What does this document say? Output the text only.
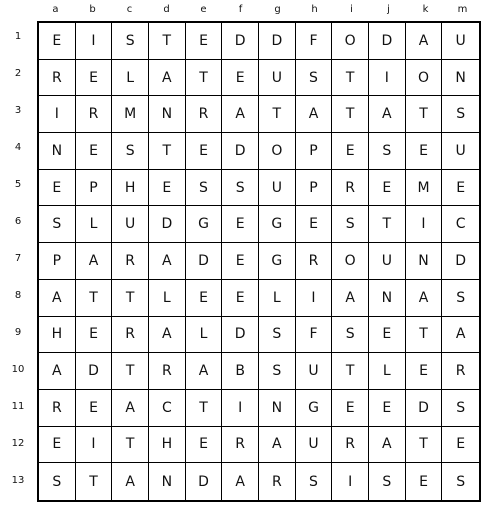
a	b	c	d	e	f	g	h	i	j	k	m
1
2
3
4
5
6
7
8
9
10
11
12
13
E	I	S	T	E	D	D	F	O	D	A	U
R	E	L	A	T	E	U	S	T	I	O	N
I	R	M	N	R	A	T	A	T	A	T	S
N	E	S	T	E	D	O	P	E	S	E	U
E	P	H	E	S	S	U	P	R	E	M	E
S	L	U	D	G	E	G	E	S	T	I	C
P	A	R	A	D	E	G	R	O	U	N	D
A	T	T	L	E	E	L	I	A	N	A	S
H	E	R	A	L	D	S	F	S	E	T	A
A	D	T	R	A	B	S	U	T	L	E	R
R	E	A	C	T	I	N	G	E	E	D	S
E	I	T	H	E	R	A	U	R	A	T	E
S	T	A	N	D	A	R	S	I	S	E	S
